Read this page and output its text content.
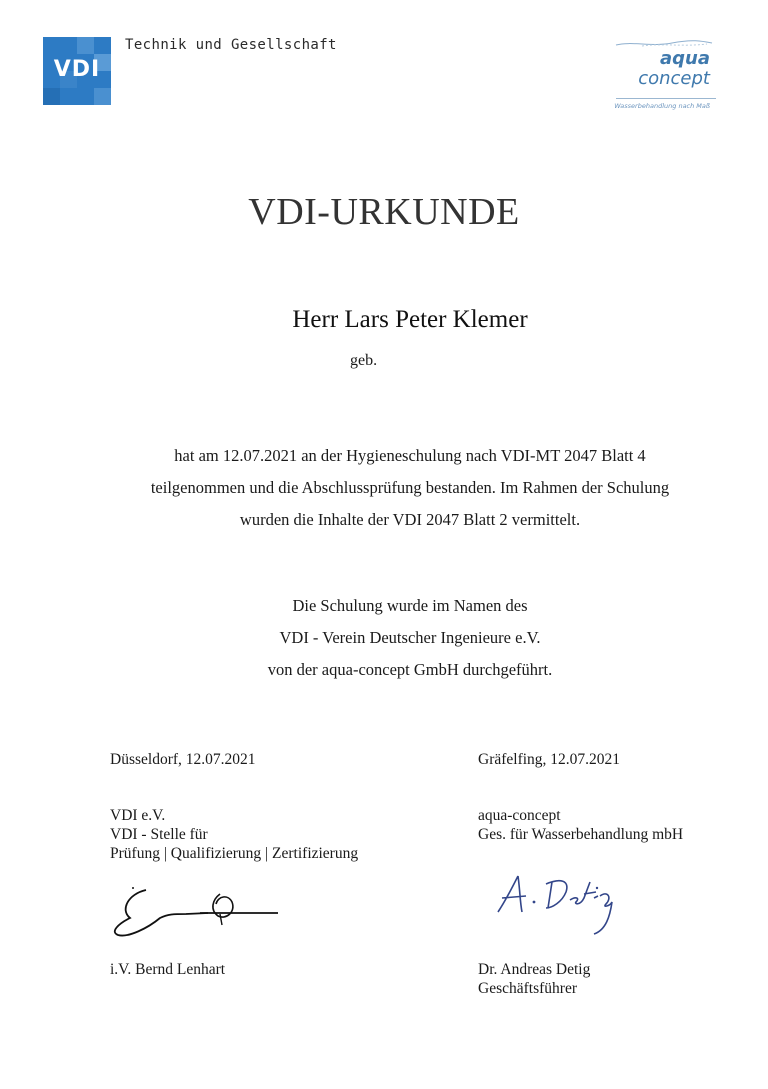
VDI
Technik und Gesellschaft
aqua
concept
Wasserbehandlung nach Maß
VDI-URKUNDE
Herr Lars Peter Klemer
geb.
hat am 12.07.2021 an der Hygieneschulung nach VDI-MT 2047 Blatt 4
teilgenommen und die Abschlussprüfung bestanden. Im Rahmen der Schulung
wurden die Inhalte der VDI 2047 Blatt 2 vermittelt.
Die Schulung wurde im Namen des
VDI - Verein Deutscher Ingenieure e.V.
von der aqua-concept GmbH durchgeführt.
Düsseldorf, 12.07.2021
VDI e.V.
VDI - Stelle für
Prüfung | Qualifizierung | Zertifizierung
i.V. Bernd Lenhart
Gräfelfing, 12.07.2021
aqua-concept
Ges. für Wasserbehandlung mbH
Dr. Andreas Detig
Geschäftsführer
